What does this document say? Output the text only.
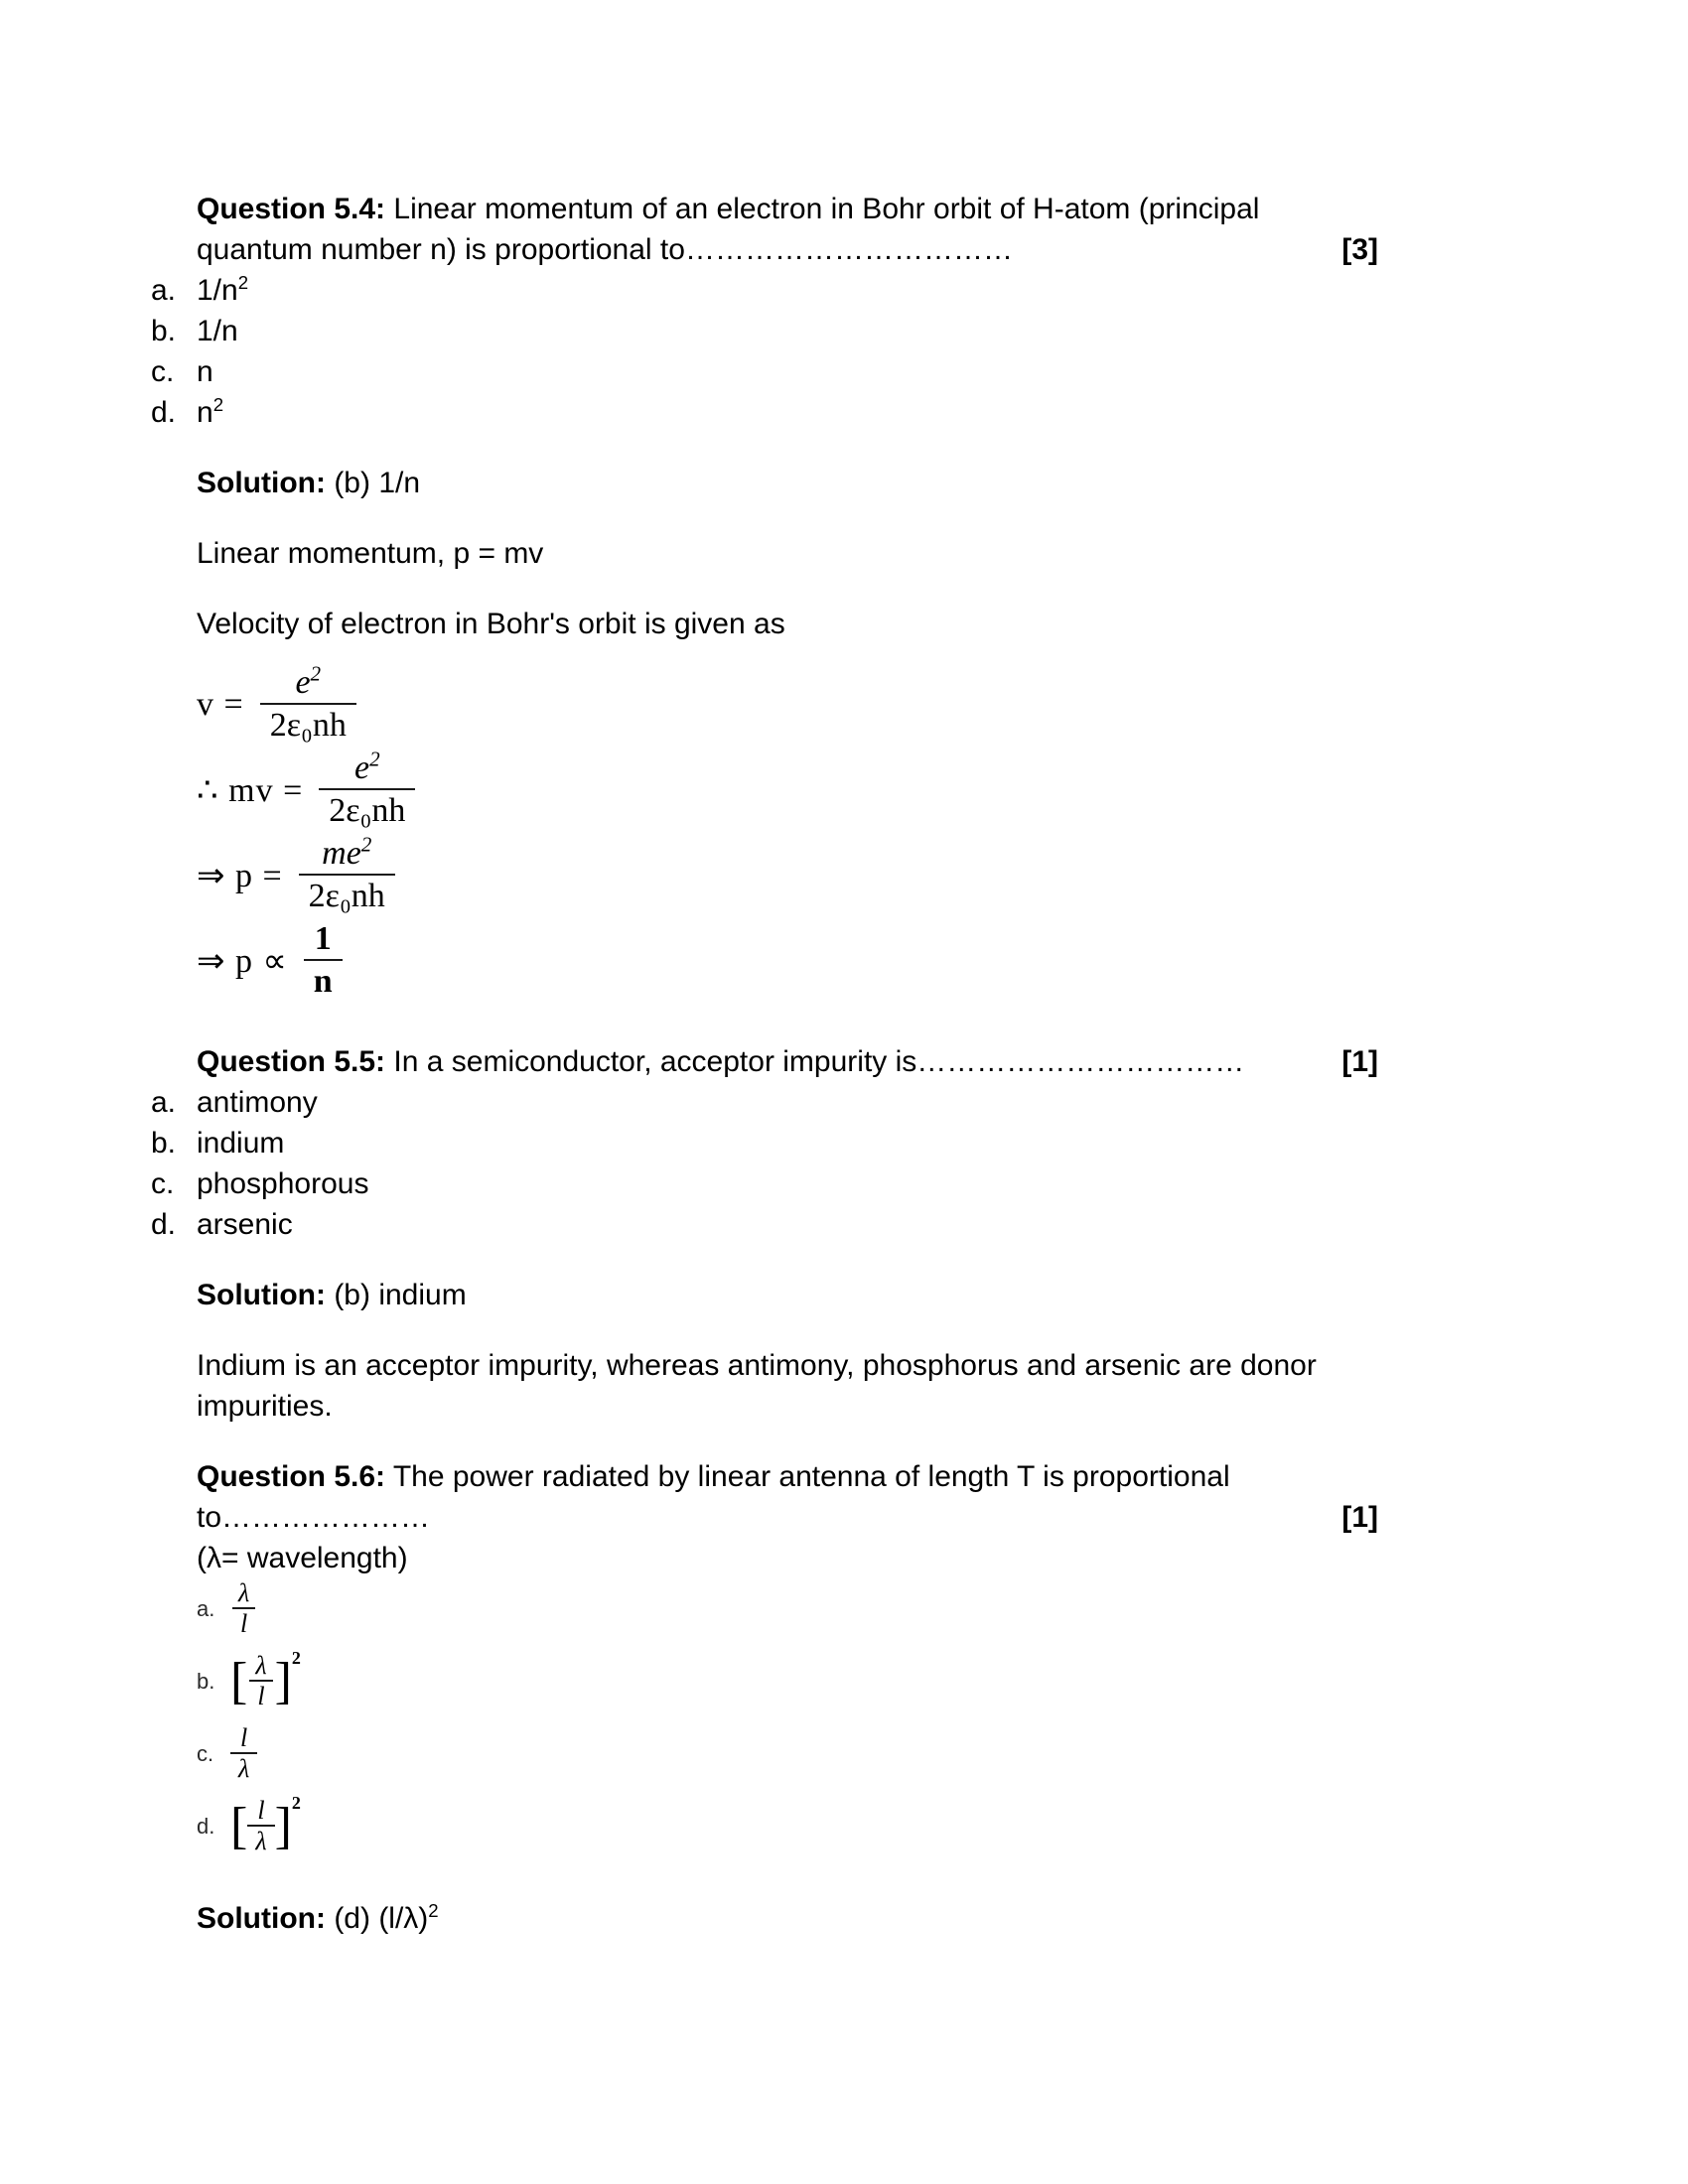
Question 5.4: Linear momentum of an electron in Bohr orbit of H-atom (principal
quantum number n) is proportional to……………………………	[3]
a. $1/n^2$
b. 1/n
c. n
d. $n^2$
Solution: (b) 1/n
Linear momentum, p = mv
Velocity of electron in Bohr's orbit is given as
$v = \frac{e^2}{\text{2ε₀nh}}$
∴ mv = $\frac{e^2}{\text{2ε₀nh}}$
⇒ $p = \frac{me^2}{\text{2ε₀nh}}$
⇒ $p \propto \frac{1}{n}$
Question 5.5: In a semiconductor, acceptor impurity is……………………………	[1]
a. antimony
b. indium
c. phosphorous
d. arsenic
Solution: (b) indium
Indium is an acceptor impurity, whereas antimony, phosphorus and arsenic are donor impurities.
Question 5.6: The power radiated by linear antenna of length T is proportional
to…………………	[1]
(λ= wavelength)
a. $\frac{\lambda}{l}$
b. [ $\frac{\lambda}{l}$ ] 2
c. $\frac{l}{\lambda}$
d. [ $\frac{l}{\lambda}$ ] 2
Solution: (d) $(l/\lambda)^2$
